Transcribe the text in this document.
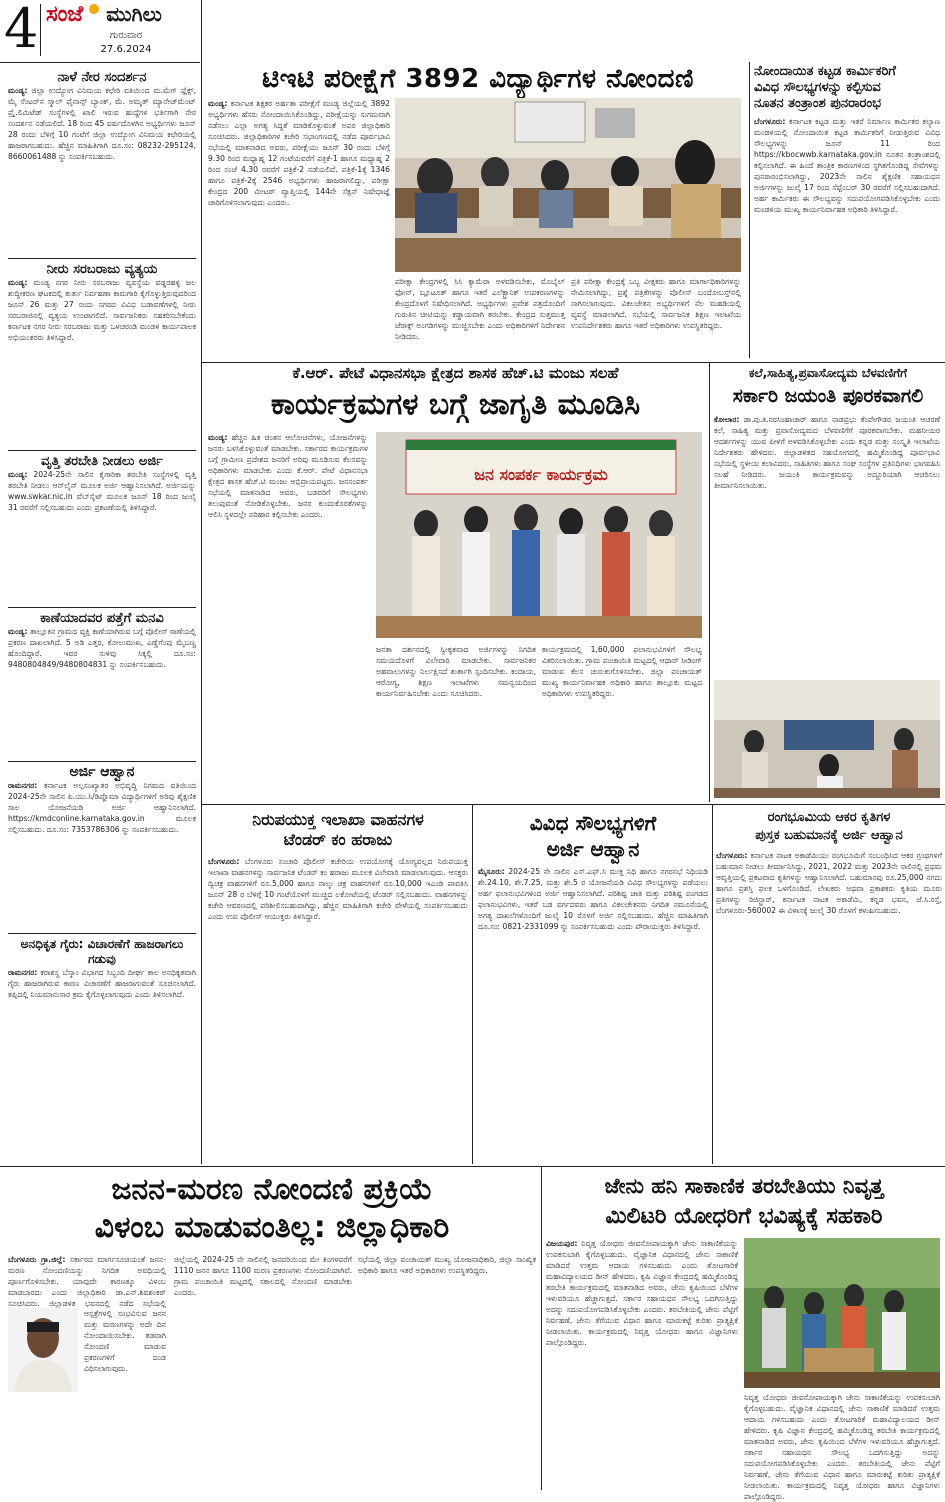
4 ಸಂಜೆ ಮುಗಿಲು
ಗುರುವಾರ
27.6.2024
ನಾಳೆ ನೇರ ಸಂದರ್ಶನ
ಮಂಡ್ಯ: ಜಿಲ್ಲಾ ಉದ್ಯೋಗ ವಿನಿಮಯ ಕಛೇರಿ ವತಿಯಿಂದ ಮ.ಮೆಗ್ ಫ್ಲೆಕ್ಸ್, ಮೈ ಸೆಂಟರ್‌ನ ಸ್ಮಾಲ್ ಫೈನಾನ್ಸ್ ಬ್ಯಾಂಕ್, ಮೆ. ಅಮೃತ್ ಮ್ಯಾನೇಜ್‌ಮೆಂಟ್ ಪ್ರೈ.ಲಿಮಿಟೆಡ್ ಸಂಸ್ಥೆಗಳಲ್ಲಿ ಖಾಲಿ ಇರುವ ಹುದ್ದೆಗಳ ಭರ್ತಿಗಾಗಿ ನೇರ ಸಂದರ್ಶನ ನಡೆಯಲಿದೆ. 18 ರಿಂದ 45 ವರ್ಷದೊಳಗಿನ ಅಭ್ಯರ್ಥಿಗಳು ಜೂನ್ 28 ರಂದು ಬೆಳಿಗ್ಗೆ 10 ಗಂಟೆಗೆ ಜಿಲ್ಲಾ ಉದ್ಯೋಗ ವಿನಿಮಯ ಕಛೇರಿಯಲ್ಲಿ ಹಾಜರಾಗಬಹುದು. ಹೆಚ್ಚಿನ ಮಾಹಿತಿಗಾಗಿ ದೂ.ಸಂ: 08232-295124, 8660061488 ನ್ನು ಸಂಪರ್ಕಿಸಬಹುದು.
ನೀರು ಸರಬರಾಜು ವ್ಯತ್ಯಯ
ಮಂಡ್ಯ: ಮಂಡ್ಯ ನಗರ ನೀರು ಸರಬರಾಜು ವ್ಯವಸ್ಥೆಯ ವಡ್ಡರಹಳ್ಳಿ ಜಲ ಶುದ್ಧೀಕರಣ ಘಟಕದಲ್ಲಿ ತುರ್ತು ನಿರ್ವಹಣಾ ಕಾಮಗಾರಿ ಕೈಗೊಳ್ಳುತ್ತಿರುವುದರಿಂದ ಜೂನ್ 26 ಮತ್ತು 27 ರಂದು ನಗರದ ವಿವಿಧ ಬಡಾವಣೆಗಳಲ್ಲಿ ನೀರು ಸರಬರಾಜಿನಲ್ಲಿ ವ್ಯತ್ಯಯ ಉಂಟಾಗಲಿದೆ. ಸಾರ್ವಜನಿಕರು ಸಹಕರಿಸಬೇಕೆಂದು ಕರ್ನಾಟಕ ನಗರ ನೀರು ಸರಬರಾಜು ಮತ್ತು ಒಳಚರಂಡಿ ಮಂಡಳಿ ಕಾರ್ಯಪಾಲಕ ಅಭಿಯಂತರರು ತಿಳಿಸಿದ್ದಾರೆ.
ವೃತ್ತಿ ತರಬೇತಿ ನೀಡಲು ಅರ್ಜಿ
ಮಂಡ್ಯ: 2024-25ನೇ ಸಾಲಿನ ಕೈಗಾರಿಕಾ ತರಬೇತಿ ಸಂಸ್ಥೆಗಳಲ್ಲಿ ವೃತ್ತಿ ತರಬೇತಿ ನೀಡಲು ಆನ್‌ಲೈನ್ ಮೂಲಕ ಅರ್ಜಿ ಆಹ್ವಾನಿಸಲಾಗಿದೆ. ಅರ್ಜಿಯನ್ನು www.swkar.nic.in ವೆಬ್‌ಸೈಟ್ ಮೂಲಕ ಜೂನ್ 18 ರಿಂದ ಜುಲೈ 31 ರವರೆಗೆ ಸಲ್ಲಿಸಬಹುದು ಎಂದು ಪ್ರಕಟಣೆಯಲ್ಲಿ ತಿಳಿಸಿದ್ದಾರೆ.
ಕಾಣೆಯಾದವರ ಪತ್ತೆಗೆ ಮನವಿ
ಮಂಡ್ಯ: ತಾಲ್ಲೂಕಿನ ಗ್ರಾಮದ ವ್ಯಕ್ತಿ ಕಾಣೆಯಾಗಿರುವ ಬಗ್ಗೆ ಪೊಲೀಸ್ ಠಾಣೆಯಲ್ಲಿ ಪ್ರಕರಣ ದಾಖಲಾಗಿದೆ. 5 ಅಡಿ ಎತ್ತರ, ಕೋಲುಮುಖ, ಎಣ್ಣೆಗೆಂಪು ಮೈಬಣ್ಣ ಹೊಂದಿದ್ದಾರೆ. ಇವರ ಸುಳಿವು ಸಿಕ್ಕಲ್ಲಿ ದೂ.ಸಂ: 9480804849/9480804831 ನ್ನು ಸಂಪರ್ಕಿಸಬಹುದು.
ಅರ್ಜಿ ಆಹ್ವಾನ
ರಾಮನಗರ: ಕರ್ನಾಟಕ ಅಲ್ಪಸಂಖ್ಯಾತರ ಅಭಿವೃದ್ಧಿ ನಿಗಮದ ವತಿಯಿಂದ 2024-25ನೇ ಸಾಲಿನ ಪಿ.ಯು.ಸಿ/ಡಿಪ್ಲೊಮಾ ವಿದ್ಯಾರ್ಥಿಗಳಿಗೆ ಅರಿವು ಶೈಕ್ಷಣಿಕ ಸಾಲ ಯೋಜನೆಯಡಿ ಅರ್ಜಿ ಆಹ್ವಾನಿಸಲಾಗಿದೆ. https://kmdconline.karnataka.gov.in ಮೂಲಕ ಸಲ್ಲಿಸಬಹುದು. ದೂ.ಸಂ: 7353786306 ನ್ನು ಸಂಪರ್ಕಿಸಬಹುದು.
ಅನಧಿಕೃತ ಗೈರು: ವಿಚಾರಣೆಗೆ ಹಾಜರಾಗಲು ಗಡುವು
ರಾಮನಗರ: ಕರಾಶಸ್ಥ ಬೆಸ್ಕಾಂ ವಿಭಾಗದ ಸಿಬ್ಬಂದಿ ದೀರ್ಘ ಕಾಲ ಅನಧಿಕೃತವಾಗಿ ಗೈರು ಹಾಜರಾಗಿರುವ ಕಾರಣ ವಿಚಾರಣೆಗೆ ಹಾಜರಾಗುವಂತೆ ಸೂಚಿಸಲಾಗಿದೆ. ತಪ್ಪಿದಲ್ಲಿ ನಿಯಮಾನುಸಾರ ಕ್ರಮ ಕೈಗೊಳ್ಳಲಾಗುವುದು ಎಂದು ತಿಳಿಸಲಾಗಿದೆ.
ಟಿಇಟಿ ಪರೀಕ್ಷೆಗೆ 3892 ವಿದ್ಯಾರ್ಥಿಗಳ ನೋಂದಣಿ
ಮಂಡ್ಯ: ಕರ್ನಾಟಕ ಶಿಕ್ಷಕರ ಅರ್ಹತಾ ಪರೀಕ್ಷೆಗೆ ಮಂಡ್ಯ ಜಿಲ್ಲೆಯಲ್ಲಿ 3892 ಅಭ್ಯರ್ಥಿಗಳು ಹೆಸರು ನೋಂದಾಯಿಸಿಕೊಂಡಿದ್ದು, ಪರೀಕ್ಷೆಯನ್ನು ಸುಗಮವಾಗಿ ನಡೆಸಲು ಎಲ್ಲಾ ಅಗತ್ಯ ಸಿದ್ಧತೆ ಮಾಡಿಕೊಳ್ಳುವಂತೆ ಅಪರ ಜಿಲ್ಲಾಧಿಕಾರಿ ಸೂಚಿಸಿದರು. ಜಿಲ್ಲಾಧಿಕಾರಿಗಳ ಕಚೇರಿ ಸಭಾಂಗಣದಲ್ಲಿ ನಡೆದ ಪೂರ್ವಭಾವಿ ಸಭೆಯಲ್ಲಿ ಮಾತನಾಡಿದ ಅವರು, ಪರೀಕ್ಷೆಯು ಜೂನ್ 30 ರಂದು ಬೆಳಿಗ್ಗೆ 9.30 ರಿಂದ ಮಧ್ಯಾಹ್ನ 12 ಗಂಟೆಯವರೆಗೆ ಪತ್ರಿಕೆ-1 ಹಾಗೂ ಮಧ್ಯಾಹ್ನ 2 ರಿಂದ ಸಂಜೆ 4.30 ರವರೆಗೆ ಪತ್ರಿಕೆ-2 ನಡೆಯಲಿದೆ. ಪತ್ರಿಕೆ-1ಕ್ಕೆ 1346 ಹಾಗೂ ಪತ್ರಿಕೆ-2ಕ್ಕೆ 2546 ಅಭ್ಯರ್ಥಿಗಳು ಹಾಜರಾಗಲಿದ್ದು, ಪರೀಕ್ಷಾ ಕೇಂದ್ರದ 200 ಮೀಟರ್ ವ್ಯಾಪ್ತಿಯಲ್ಲಿ 144ನೇ ಸೆಕ್ಷನ್ ನಿಷೇಧಾಜ್ಞೆ ಜಾರಿಗೊಳಿಸಲಾಗುವುದು ಎಂದರು.
ಪರೀಕ್ಷಾ ಕೇಂದ್ರಗಳಲ್ಲಿ ಸಿಸಿ ಕ್ಯಾಮೆರಾ ಅಳವಡಿಸಬೇಕು, ಮೊಬೈಲ್ ಫೋನ್, ಬ್ಲೂಟೂತ್ ಹಾಗೂ ಇತರೆ ಎಲೆಕ್ಟ್ರಾನಿಕ್ ಉಪಕರಣಗಳನ್ನು ಕೇಂದ್ರದೊಳಗೆ ನಿಷೇಧಿಸಲಾಗಿದೆ. ಅಭ್ಯರ್ಥಿಗಳು ಪ್ರವೇಶ ಪತ್ರದೊಂದಿಗೆ ಗುರುತಿನ ಚೀಟಿಯನ್ನು ಕಡ್ಡಾಯವಾಗಿ ತರಬೇಕು. ಕೇಂದ್ರದ ಸುತ್ತಮುತ್ತ ಜೆರಾಕ್ಸ್ ಅಂಗಡಿಗಳನ್ನು ಮುಚ್ಚಿಸಬೇಕು ಎಂದು ಅಧಿಕಾರಿಗಳಿಗೆ ನಿರ್ದೇಶನ ನೀಡಿದರು.
ಪ್ರತಿ ಪರೀಕ್ಷಾ ಕೇಂದ್ರಕ್ಕೆ ಒಬ್ಬ ವೀಕ್ಷಕರು ಹಾಗೂ ಮಾರ್ಗಾಧಿಕಾರಿಗಳನ್ನು ನೇಮಿಸಲಾಗಿದ್ದು, ಪ್ರಶ್ನೆ ಪತ್ರಿಕೆಗಳನ್ನು ಪೊಲೀಸ್ ಬಂದೋಬಸ್ತ್‌ನಲ್ಲಿ ಸಾಗಿಸಲಾಗುವುದು. ವಿಕಲಚೇತನ ಅಭ್ಯರ್ಥಿಗಳಿಗೆ ನೆಲ ಮಹಡಿಯಲ್ಲಿ ವ್ಯವಸ್ಥೆ ಮಾಡಲಾಗಿದೆ. ಸಭೆಯಲ್ಲಿ ಸಾರ್ವಜನಿಕ ಶಿಕ್ಷಣ ಇಲಾಖೆಯ ಉಪನಿರ್ದೇಶಕರು ಹಾಗೂ ಇತರೆ ಅಧಿಕಾರಿಗಳು ಉಪಸ್ಥಿತರಿದ್ದರು.
ನೋಂದಾಯಿತ ಕಟ್ಟಡ ಕಾರ್ಮಿಕರಿಗೆ
ವಿವಿಧ ಸೌಲಭ್ಯಗಳನ್ನು ಕಲ್ಪಿಸುವ
ನೂತನ ತಂತ್ರಾಂಶ ಪುನರಾರಂಭ
ಬೆಂಗಳೂರು: ಕರ್ನಾಟಕ ಕಟ್ಟಡ ಮತ್ತು ಇತರೆ ನಿರ್ಮಾಣ ಕಾರ್ಮಿಕರ ಕಲ್ಯಾಣ ಮಂಡಳಿಯಲ್ಲಿ ನೋಂದಾಯಿತ ಕಟ್ಟಡ ಕಾರ್ಮಿಕರಿಗೆ ನೀಡುತ್ತಿರುವ ವಿವಿಧ ಸೌಲಭ್ಯಗಳನ್ನು ಜೂನ್ 11 ರಿಂದ https://kbocwwb.karnataka.gov.in ನೂತನ ತಂತ್ರಾಂಶದಲ್ಲಿ ಕಲ್ಪಿಸಲಾಗಿದೆ. ಈ ಹಿಂದೆ ತಾಂತ್ರಿಕ ಕಾರಣಗಳಿಂದ ಸ್ಥಗಿತಗೊಂಡಿದ್ದ ಸೇವೆಗಳನ್ನು ಪುನರಾರಂಭಿಸಲಾಗಿದ್ದು, 2023ನೇ ಸಾಲಿನ ಶೈಕ್ಷಣಿಕ ಸಹಾಯಧನ ಅರ್ಜಿಗಳನ್ನು ಜುಲೈ 17 ರಿಂದ ಸೆಪ್ಟೆಂಬರ್ 30 ರವರೆಗೆ ಸಲ್ಲಿಸಬಹುದಾಗಿದೆ. ಅರ್ಹ ಕಾರ್ಮಿಕರು ಈ ಸೌಲಭ್ಯವನ್ನು ಸದುಪಯೋಗಪಡಿಸಿಕೊಳ್ಳಬೇಕು ಎಂದು ಮಂಡಳಿಯ ಮುಖ್ಯ ಕಾರ್ಯನಿರ್ವಾಹಕ ಅಧಿಕಾರಿ ತಿಳಿಸಿದ್ದಾರೆ.
ಕೆ.ಆರ್. ಪೇಟೆ ವಿಧಾನಸಭಾ ಕ್ಷೇತ್ರದ ಶಾಸಕ ಹೆಚ್.ಟಿ ಮಂಜು ಸಲಹೆ
ಕಾರ್ಯಕ್ರಮಗಳ ಬಗ್ಗೆ ಜಾಗೃತಿ ಮೂಡಿಸಿ
ಮಂಡ್ಯ: ಹೆಚ್ಚಿನ ಹಿತ ಚಿಂತನ ಆಲೋಚನೆಗಳು, ಯೋಜನೆಗಳನ್ನು ಜನರು ಬಳಸಿಕೊಳ್ಳುವಂತೆ ಮಾಡಬೇಕು. ಸರ್ಕಾರದ ಕಾರ್ಯಕ್ರಮಗಳ ಬಗ್ಗೆ ಗ್ರಾಮೀಣ ಪ್ರದೇಶದ ಜನರಿಗೆ ಅರಿವು ಮೂಡಿಸುವ ಕೆಲಸವನ್ನು ಅಧಿಕಾರಿಗಳು ಮಾಡಬೇಕು ಎಂದು ಕೆ.ಆರ್. ಪೇಟೆ ವಿಧಾನಸಭಾ ಕ್ಷೇತ್ರದ ಶಾಸಕ ಹೆಚ್.ಟಿ ಮಂಜು ಅಭಿಪ್ರಾಯಪಟ್ಟರು. ಜನಸಂಪರ್ಕ ಸಭೆಯಲ್ಲಿ ಮಾತನಾಡಿದ ಅವರು, ಬಡವರಿಗೆ ಸೌಲಭ್ಯಗಳು ತಲುಪುವಂತೆ ನೋಡಿಕೊಳ್ಳಬೇಕು. ಜನರ ಕುಂದುಕೊರತೆಗಳನ್ನು ಆಲಿಸಿ ಸ್ಥಳದಲ್ಲೇ ಪರಿಹಾರ ಕಲ್ಪಿಸಬೇಕು ಎಂದರು.
ಜನ ಸಂಪರ್ಕ ಕಾರ್ಯಕ್ರಮ
ಜನತಾ ದರ್ಶನದಲ್ಲಿ ಸ್ವೀಕೃತವಾದ ಅರ್ಜಿಗಳನ್ನು ನಿಗದಿತ ಸಮಯದೊಳಗೆ ವಿಲೇವಾರಿ ಮಾಡಬೇಕು. ಸಾರ್ವಜನಿಕರ ಅಹವಾಲುಗಳನ್ನು ನಿರ್ಲಕ್ಷಿಸದೆ ತುರ್ತಾಗಿ ಸ್ಪಂದಿಸಬೇಕು. ಕಂದಾಯ, ಆರೋಗ್ಯ, ಶಿಕ್ಷಣ ಇಲಾಖೆಗಳು ಸಮನ್ವಯದಿಂದ ಕಾರ್ಯನಿರ್ವಹಿಸಬೇಕು ಎಂದು ಸೂಚಿಸಿದರು.
ಕಾರ್ಯಕ್ರಮದಲ್ಲಿ 1,60,000 ಫಲಾನುಭವಿಗಳಿಗೆ ಸೌಲಭ್ಯ ವಿತರಿಸಲಾಯಿತು. ಗ್ರಾಮ ಪಂಚಾಯಿತಿ ಮಟ್ಟದಲ್ಲಿ ಆಧಾರ್ ಸೀಡಿಂಗ್ ಮಾಡುವ ಕೆಲಸ ಚುರುಕುಗೊಳಿಸಬೇಕು. ಜಿಲ್ಲಾ ಪಂಚಾಯತ್ ಮುಖ್ಯ ಕಾರ್ಯನಿರ್ವಾಹಕ ಅಧಿಕಾರಿ ಹಾಗೂ ತಾಲ್ಲೂಕು ಮಟ್ಟದ ಅಧಿಕಾರಿಗಳು ಉಪಸ್ಥಿತರಿದ್ದರು.
ಕಲೆ,ಸಾಹಿತ್ಯ,ಪ್ರವಾಸೋದ್ಯಮ ಬೆಳವಣಿಗೆಗೆ
ಸರ್ಕಾರಿ ಜಯಂತಿ ಪೂರಕವಾಗಲಿ
ಕೋಲಾರ: ಡಾ.ಪು.ತಿ.ನರಸಿಂಹಾಚಾರ್ ಹಾಗೂ ನಾಡಪ್ರಭು ಕೆಂಪೇಗೌಡರ ಜಯಂತಿ ಆಚರಣೆ ಕಲೆ, ಸಾಹಿತ್ಯ ಮತ್ತು ಪ್ರವಾಸೋದ್ಯಮದ ಬೆಳವಣಿಗೆಗೆ ಪೂರಕವಾಗಬೇಕು. ಮಹನೀಯರ ಆದರ್ಶಗಳನ್ನು ಯುವ ಪೀಳಿಗೆ ಅಳವಡಿಸಿಕೊಳ್ಳಬೇಕು ಎಂದು ಕನ್ನಡ ಮತ್ತು ಸಂಸ್ಕೃತಿ ಇಲಾಖೆಯ ನಿರ್ದೇಶಕರು ಹೇಳಿದರು. ಜಿಲ್ಲಾಡಳಿತದ ಸಹಯೋಗದಲ್ಲಿ ಹಮ್ಮಿಕೊಂಡಿದ್ದ ಪೂರ್ವಭಾವಿ ಸಭೆಯಲ್ಲಿ ಸ್ಥಳೀಯ ಕಲಾವಿದರು, ಸಾಹಿತಿಗಳು ಹಾಗೂ ಸಂಘ ಸಂಸ್ಥೆಗಳ ಪ್ರತಿನಿಧಿಗಳು ಭಾಗವಹಿಸಿ ಸಲಹೆ ನೀಡಿದರು. ಜಯಂತಿ ಕಾರ್ಯಕ್ರಮವನ್ನು ಅದ್ದೂರಿಯಾಗಿ ಆಚರಿಸಲು ತೀರ್ಮಾನಿಸಲಾಯಿತು.
ನಿರುಪಯುಕ್ತ ಇಲಾಖಾ ವಾಹನಗಳ
ಟೆಂಡರ್ ಕಂ ಹರಾಜು
ಬೆಂಗಳೂರು: ಬೆಂಗಳೂರು ಸಂಚಾರಿ ಪೊಲೀಸ್ ಕಚೇರಿಯ ಉಪಯೋಗಕ್ಕೆ ಯೋಗ್ಯವಲ್ಲದ ನಿರುಪಯುಕ್ತ ಇಲಾಖಾ ವಾಹನಗಳನ್ನು ಸಾರ್ವಜನಿಕ ಟೆಂಡರ್ ಕಂ ಹರಾಜು ಮೂಲಕ ವಿಲೇವಾರಿ ಮಾಡಲಾಗುವುದು. ಆಸಕ್ತರು ದ್ವಿಚಕ್ರ ವಾಹನಗಳಿಗೆ ರೂ.5,000 ಹಾಗೂ ನಾಲ್ಕು ಚಕ್ರ ವಾಹನಗಳಿಗೆ ರೂ.10,000 ಇಎಂಡಿ ಪಾವತಿಸಿ ಜೂನ್ 28 ರ ಬೆಳಿಗ್ಗೆ 10 ಗಂಟೆಯೊಳಗೆ ಮುಚ್ಚಿದ ಲಕೋಟೆಯಲ್ಲಿ ಟೆಂಡರ್ ಸಲ್ಲಿಸಬಹುದು. ವಾಹನಗಳನ್ನು ಕಚೇರಿ ಆವರಣದಲ್ಲಿ ಪರಿಶೀಲಿಸಬಹುದಾಗಿದ್ದು, ಹೆಚ್ಚಿನ ಮಾಹಿತಿಗಾಗಿ ಕಚೇರಿ ವೇಳೆಯಲ್ಲಿ ಸಂಪರ್ಕಿಸಬಹುದು ಎಂದು ಉಪ ಪೊಲೀಸ್ ಆಯುಕ್ತರು ತಿಳಿಸಿದ್ದಾರೆ.
ವಿವಿಧ ಸೌಲಭ್ಯಗಳಿಗೆ
ಅರ್ಜಿ ಆಹ್ವಾನ
ಮೈಸೂರು: 2024-25 ನೇ ಸಾಲಿನ ಎಸ್.ಎಫ್.ಸಿ ಮುಕ್ತ ನಿಧಿ ಹಾಗೂ ನಗರಸಭೆ ನಿಧಿಯಡಿ ಶೇ.24.10, ಶೇ.7.25, ಮತ್ತು ಶೇ.5 ರ ಯೋಜನೆಯಡಿ ವಿವಿಧ ಸೌಲಭ್ಯಗಳನ್ನು ಪಡೆಯಲು ಅರ್ಹ ಫಲಾನುಭವಿಗಳಿಂದ ಅರ್ಜಿ ಆಹ್ವಾನಿಸಲಾಗಿದೆ. ಪರಿಶಿಷ್ಟ ಜಾತಿ ಮತ್ತು ಪರಿಶಿಷ್ಟ ಪಂಗಡದ ಫಲಾನುಭವಿಗಳು, ಇತರೆ ಬಡ ವರ್ಗದವರು ಹಾಗೂ ವಿಕಲಚೇತನರು ನಿಗದಿತ ನಮೂನೆಯಲ್ಲಿ ಅಗತ್ಯ ದಾಖಲೆಗಳೊಂದಿಗೆ ಜುಲೈ 10 ರೊಳಗೆ ಅರ್ಜಿ ಸಲ್ಲಿಸಬಹುದು. ಹೆಚ್ಚಿನ ಮಾಹಿತಿಗಾಗಿ ದೂ.ಸಂ: 0821-2331099 ನ್ನು ಸಂಪರ್ಕಿಸಬಹುದು ಎಂದು ಪೌರಾಯುಕ್ತರು ತಿಳಿಸಿದ್ದಾರೆ.
ರಂಗಭೂಮಿಯ ಆಕರ ಕೃತಿಗಳ
ಪುಸ್ತಕ ಬಹುಮಾನಕ್ಕೆ ಅರ್ಜಿ ಆಹ್ವಾನ
ಬೆಂಗಳೂರು: ಕರ್ನಾಟಕ ನಾಟಕ ಅಕಾಡೆಮಿಯು ರಂಗಭೂಮಿಗೆ ಸಂಬಂಧಿಸಿದ ಆಕರ ಗ್ರಂಥಗಳಿಗೆ ಬಹುಮಾನ ನೀಡಲು ತೀರ್ಮಾನಿಸಿದ್ದು, 2021, 2022 ಮತ್ತು 2023ನೇ ಸಾಲಿನಲ್ಲಿ ಪ್ರಥಮ ಆವೃತ್ತಿಯಲ್ಲಿ ಪ್ರಕಟವಾದ ಕೃತಿಗಳನ್ನು ಆಹ್ವಾನಿಸಲಾಗಿದೆ. ಬಹುಮಾನವು ರೂ.25,000 ನಗದು ಹಾಗೂ ಪ್ರಶಸ್ತಿ ಫಲಕ ಒಳಗೊಂಡಿದೆ. ಲೇಖಕರು ಅಥವಾ ಪ್ರಕಾಶಕರು ಕೃತಿಯ ಮೂರು ಪ್ರತಿಗಳನ್ನು ರಿಜಿಸ್ಟ್ರಾರ್, ಕರ್ನಾಟಕ ನಾಟಕ ಅಕಾಡೆಮಿ, ಕನ್ನಡ ಭವನ, ಜೆ.ಸಿ.ರಸ್ತೆ, ಬೆಂಗಳೂರು-560002 ಈ ವಿಳಾಸಕ್ಕೆ ಜುಲೈ 30 ರೊಳಗೆ ಕಳುಹಿಸಬಹುದು.
ಜನನ-ಮರಣ ನೋಂದಣಿ ಪ್ರಕ್ರಿಯೆ
ವಿಳಂಬ ಮಾಡುವಂತಿಲ್ಲ: ಜಿಲ್ಲಾಧಿಕಾರಿ
ಬೆಂಗಳೂರು ಗ್ರಾ.ಜಿಲ್ಲೆ: ಸರ್ಕಾರದ ಮಾರ್ಗಸೂಚಿಯಂತೆ ಜನನ-ಮರಣ ನೋಂದಣಿಯನ್ನು ನಿಗದಿತ ಅವಧಿಯಲ್ಲಿ ಪೂರ್ಣಗೊಳಿಸಬೇಕು. ಯಾವುದೇ ಕಾರಣಕ್ಕೂ ವಿಳಂಬ ಮಾಡಬಾರದು ಎಂದು ಜಿಲ್ಲಾಧಿಕಾರಿ ಡಾ.ಎನ್.ಶಿವಶಂಕರ್ ಸೂಚಿಸಿದರು. ಜಿಲ್ಲಾಡಳಿತ ಭವನದಲ್ಲಿ ನಡೆದ ಸಭೆಯಲ್ಲಿ
ಆಸ್ಪತ್ರೆಗಳಲ್ಲಿ ಸಂಭವಿಸುವ ಜನನ ಮತ್ತು ಮರಣಗಳನ್ನು ಅದೇ ದಿನ ನೋಂದಾಯಿಸಬೇಕು. ತಡವಾಗಿ ನೋಂದಣಿ ಮಾಡುವ ಪ್ರಕರಣಗಳಿಗೆ ದಂಡ ವಿಧಿಸಲಾಗುವುದು.
ಜಿಲ್ಲೆಯಲ್ಲಿ 2024-25 ನೇ ಸಾಲಿನಲ್ಲಿ ಜನವರಿಯಿಂದ ಮೇ ತಿಂಗಳವರೆಗೆ 1110 ಜನನ ಹಾಗೂ 1100 ಮರಣ ಪ್ರಕರಣಗಳು ನೋಂದಣಿಯಾಗಿವೆ. ಗ್ರಾಮ ಪಂಚಾಯಿತಿ ಮಟ್ಟದಲ್ಲಿ ಸಕಾಲದಲ್ಲಿ ನೋಂದಣಿ ಮಾಡಬೇಕು ಎಂದರು.
ಸಭೆಯಲ್ಲಿ ಜಿಲ್ಲಾ ಪಂಚಾಯತ್ ಮುಖ್ಯ ಯೋಜನಾಧಿಕಾರಿ, ಜಿಲ್ಲಾ ಸಾಂಖ್ಯಿಕ ಅಧಿಕಾರಿ ಹಾಗೂ ಇತರೆ ಅಧಿಕಾರಿಗಳು ಉಪಸ್ಥಿತರಿದ್ದರು.
ಜೇನು ಹನಿ ಸಾಕಾಣಿಕ ತರಬೇತಿಯು ನಿವೃತ್ತ
ಮಿಲಿಟರಿ ಯೋಧರಿಗೆ ಭವಿಷ್ಯಕ್ಕೆ ಸಹಕಾರಿ
ವಿಜಯಪುರ: ನಿವೃತ್ತ ಯೋಧರು ಜೀವನೋಪಾಯಕ್ಕಾಗಿ ಜೇನು ಸಾಕಾಣಿಕೆಯನ್ನು ಉಪಕಸುಬಾಗಿ ಕೈಗೊಳ್ಳಬಹುದು. ವೈಜ್ಞಾನಿಕ ವಿಧಾನದಲ್ಲಿ ಜೇನು ಸಾಕಾಣಿಕೆ ಮಾಡಿದರೆ ಉತ್ತಮ ಆದಾಯ ಗಳಿಸಬಹುದು ಎಂದು ತೋಟಗಾರಿಕೆ ಮಹಾವಿದ್ಯಾಲಯದ ಡೀನ್ ಹೇಳಿದರು. ಕೃಷಿ ವಿಜ್ಞಾನ ಕೇಂದ್ರದಲ್ಲಿ ಹಮ್ಮಿಕೊಂಡಿದ್ದ ತರಬೇತಿ ಕಾರ್ಯಕ್ರಮದಲ್ಲಿ ಮಾತನಾಡಿದ ಅವರು, ಜೇನು ಕೃಷಿಯಿಂದ ಬೆಳೆಗಳ ಇಳುವರಿಯೂ ಹೆಚ್ಚಾಗುತ್ತದೆ. ಸರ್ಕಾರ ಸಹಾಯಧನ ಸೌಲಭ್ಯ ಒದಗಿಸುತ್ತಿದ್ದು ಅದನ್ನು ಸದುಪಯೋಗಪಡಿಸಿಕೊಳ್ಳಬೇಕು ಎಂದರು. ತರಬೇತಿಯಲ್ಲಿ ಜೇನು ಪೆಟ್ಟಿಗೆ ನಿರ್ವಹಣೆ, ಜೇನು ತೆಗೆಯುವ ವಿಧಾನ ಹಾಗೂ ಮಾರುಕಟ್ಟೆ ಕುರಿತು ಪ್ರಾತ್ಯಕ್ಷಿಕೆ ನೀಡಲಾಯಿತು. ಕಾರ್ಯಕ್ರಮದಲ್ಲಿ ನಿವೃತ್ತ ಯೋಧರು ಹಾಗೂ ವಿಜ್ಞಾನಿಗಳು ಪಾಲ್ಗೊಂಡಿದ್ದರು.
ನಿವೃತ್ತ ಯೋಧರು ಜೀವನೋಪಾಯಕ್ಕಾಗಿ ಜೇನು ಸಾಕಾಣಿಕೆಯನ್ನು ಉಪಕಸುಬಾಗಿ ಕೈಗೊಳ್ಳಬಹುದು. ವೈಜ್ಞಾನಿಕ ವಿಧಾನದಲ್ಲಿ ಜೇನು ಸಾಕಾಣಿಕೆ ಮಾಡಿದರೆ ಉತ್ತಮ ಆದಾಯ ಗಳಿಸಬಹುದು ಎಂದು ತೋಟಗಾರಿಕೆ ಮಹಾವಿದ್ಯಾಲಯದ ಡೀನ್ ಹೇಳಿದರು. ಕೃಷಿ ವಿಜ್ಞಾನ ಕೇಂದ್ರದಲ್ಲಿ ಹಮ್ಮಿಕೊಂಡಿದ್ದ ತರಬೇತಿ ಕಾರ್ಯಕ್ರಮದಲ್ಲಿ ಮಾತನಾಡಿದ ಅವರು, ಜೇನು ಕೃಷಿಯಿಂದ ಬೆಳೆಗಳ ಇಳುವರಿಯೂ ಹೆಚ್ಚಾಗುತ್ತದೆ. ಸರ್ಕಾರ ಸಹಾಯಧನ ಸೌಲಭ್ಯ ಒದಗಿಸುತ್ತಿದ್ದು ಅದನ್ನು ಸದುಪಯೋಗಪಡಿಸಿಕೊಳ್ಳಬೇಕು ಎಂದರು. ತರಬೇತಿಯಲ್ಲಿ ಜೇನು ಪೆಟ್ಟಿಗೆ ನಿರ್ವಹಣೆ, ಜೇನು ತೆಗೆಯುವ ವಿಧಾನ ಹಾಗೂ ಮಾರುಕಟ್ಟೆ ಕುರಿತು ಪ್ರಾತ್ಯಕ್ಷಿಕೆ ನೀಡಲಾಯಿತು. ಕಾರ್ಯಕ್ರಮದಲ್ಲಿ ನಿವೃತ್ತ ಯೋಧರು ಹಾಗೂ ವಿಜ್ಞಾನಿಗಳು ಪಾಲ್ಗೊಂಡಿದ್ದರು.
